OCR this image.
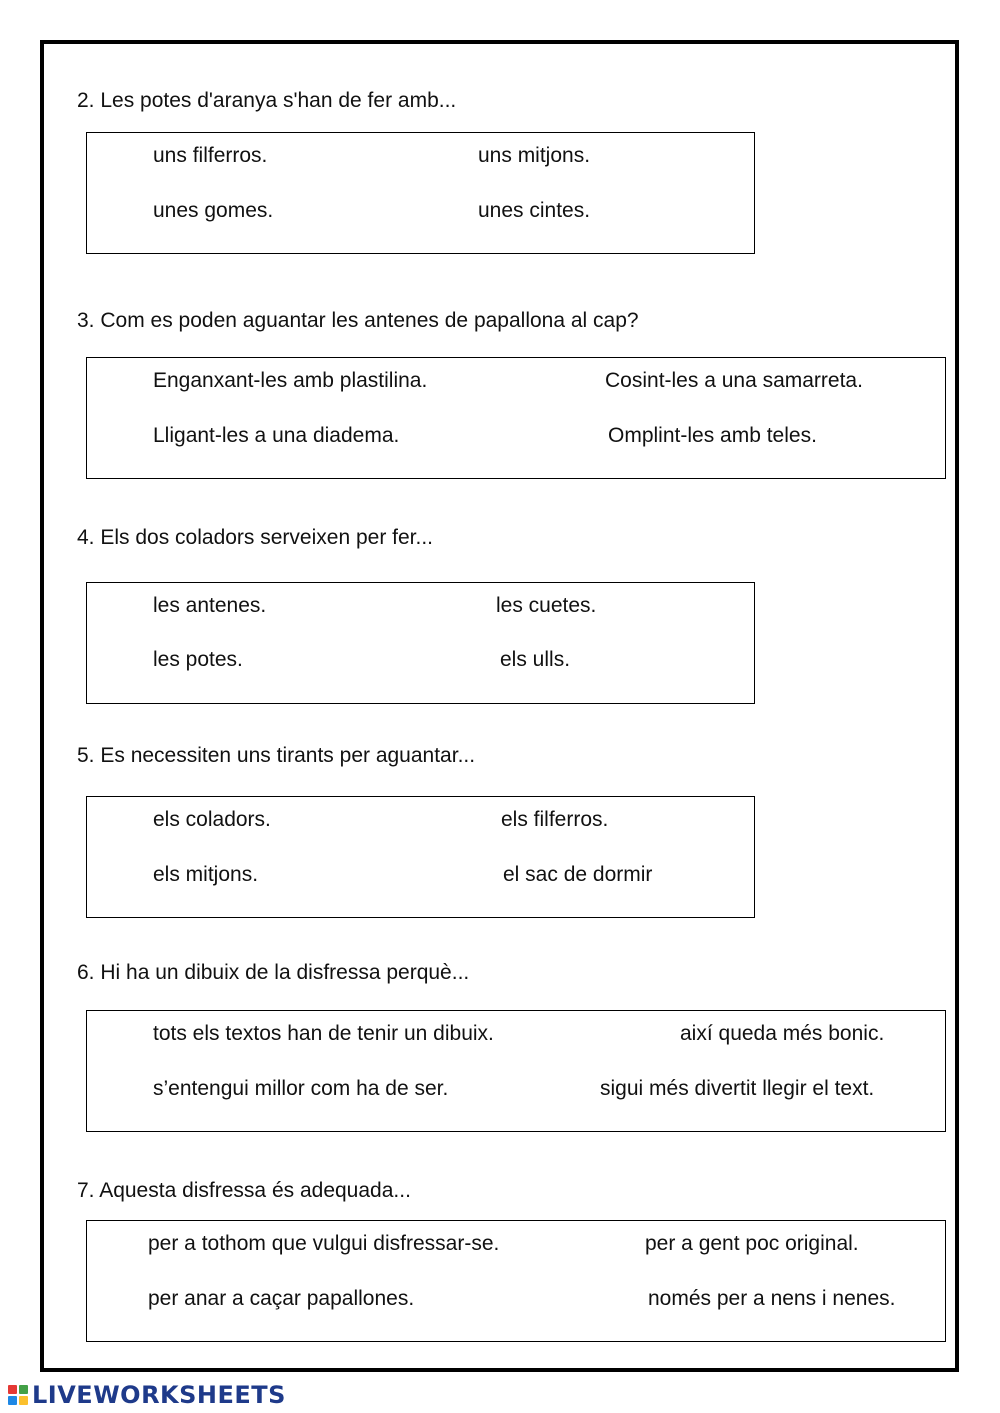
2. Les potes d'aranya s'han de fer amb...
uns filferros.	uns mitjons.
unes gomes.	unes cintes.
3. Com es poden aguantar les antenes de papallona al cap?
Enganxant-les amb plastilina.	Cosint-les a una samarreta.
Lligant-les a una diadema.	Omplint-les amb teles.
4. Els dos coladors serveixen per fer...
les antenes.	les cuetes.
les potes.	els ulls.
5. Es necessiten uns tirants per aguantar...
els coladors.	els filferros.
els mitjons.	el sac de dormir
6. Hi ha un dibuix de la disfressa perquè...
tots els textos han de tenir un dibuix.	així queda més bonic.
s’entengui millor com ha de ser.	sigui més divertit llegir el text.
7. Aquesta disfressa és adequada...
per a tothom que vulgui disfressar-se.	per a gent poc original.
per anar a caçar papallones.	només per a nens i nenes.
LIVEWORKSHEETS
